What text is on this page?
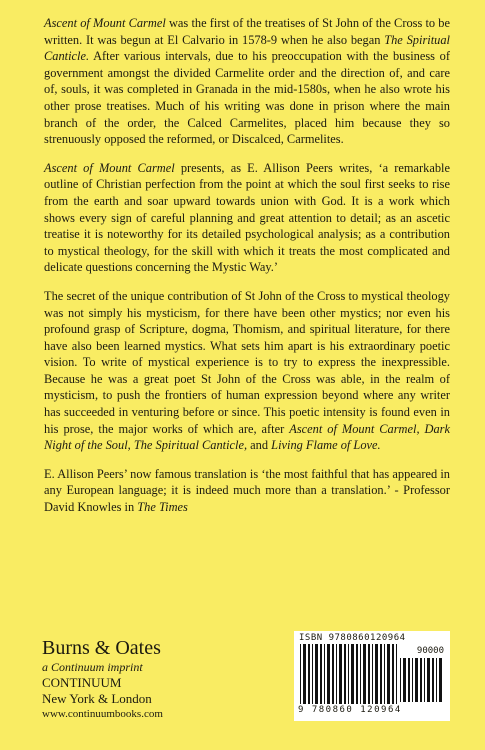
Ascent of Mount Carmel was the first of the treatises of St John of the Cross to be written. It was begun at El Calvario in 1578-9 when he also began The Spiritual Canticle. After various intervals, due to his preoccupation with the business of government amongst the divided Carmelite order and the direction of, and care of, souls, it was completed in Granada in the mid-1580s, when he also wrote his other prose treatises. Much of his writing was done in prison where the main branch of the order, the Calced Carmelites, placed him because they so strenuously opposed the reformed, or Discalced, Carmelites.

Ascent of Mount Carmel presents, as E. Allison Peers writes, ‘a remarkable outline of Christian perfection from the point at which the soul first seeks to rise from the earth and soar upward towards union with God. It is a work which shows every sign of careful planning and great attention to detail; as an ascetic treatise it is noteworthy for its detailed psychological analysis; as a contribution to mystical theology, for the skill with which it treats the most complicated and delicate questions concerning the Mystic Way.’

The secret of the unique contribution of St John of the Cross to mystical theology was not simply his mysticism, for there have been other mystics; nor even his profound grasp of Scripture, dogma, Thomism, and spiritual literature, for there have also been learned mystics. What sets him apart is his extraordinary poetic vision. To write of mystical experience is to try to express the inexpressible. Because he was a great poet St John of the Cross was able, in the realm of mysticism, to push the frontiers of human expression beyond where any writer has succeeded in venturing before or since. This poetic intensity is found even in his prose, the major works of which are, after Ascent of Mount Carmel, Dark Night of the Soul, The Spiritual Canticle, and Living Flame of Love.

E. Allison Peers’ now famous translation is ‘the most faithful that has appeared in any European language; it is indeed much more than a translation.’ - Professor David Knowles in The Times

Burns & Oates

a Continuum imprint

CONTINUUM

New York & London

www.continuumbooks.com

ISBN 9780860120964
90000
9 780860 120964
